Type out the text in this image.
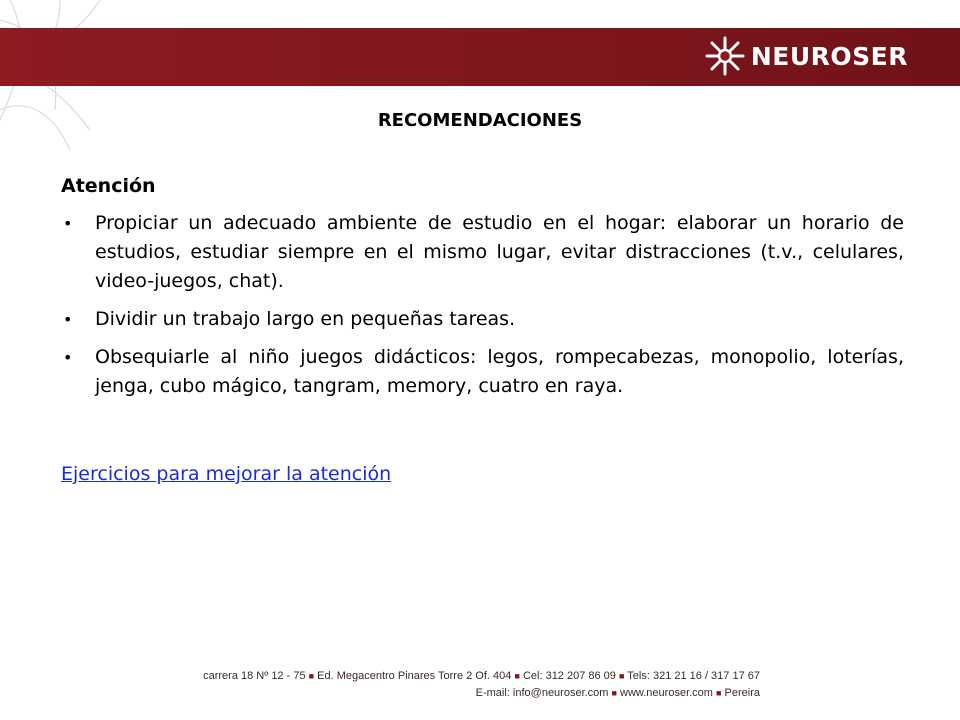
NEUROSER
RECOMENDACIONES
Atención
• Propiciar un adecuado ambiente de estudio en el hogar: elaborar un horario de estudios, estudiar siempre en el mismo lugar, evitar distracciones (t.v., celulares, video-juegos, chat).
• Dividir un trabajo largo en pequeñas tareas.
• Obsequiarle al niño juegos didácticos: legos, rompecabezas, monopolio, loterías, jenga, cubo mágico, tangram, memory, cuatro en raya.
Ejercicios para mejorar la atención
carrera 18 Nº 12 - 75 ■ Ed. Megacentro Pinares Torre 2 Of. 404 ■ Cel: 312 207 86 09 ■ Tels: 321 21 16 / 317 17 67
E-mail: info@neuroser.com ■ www.neuroser.com ■ Pereira
